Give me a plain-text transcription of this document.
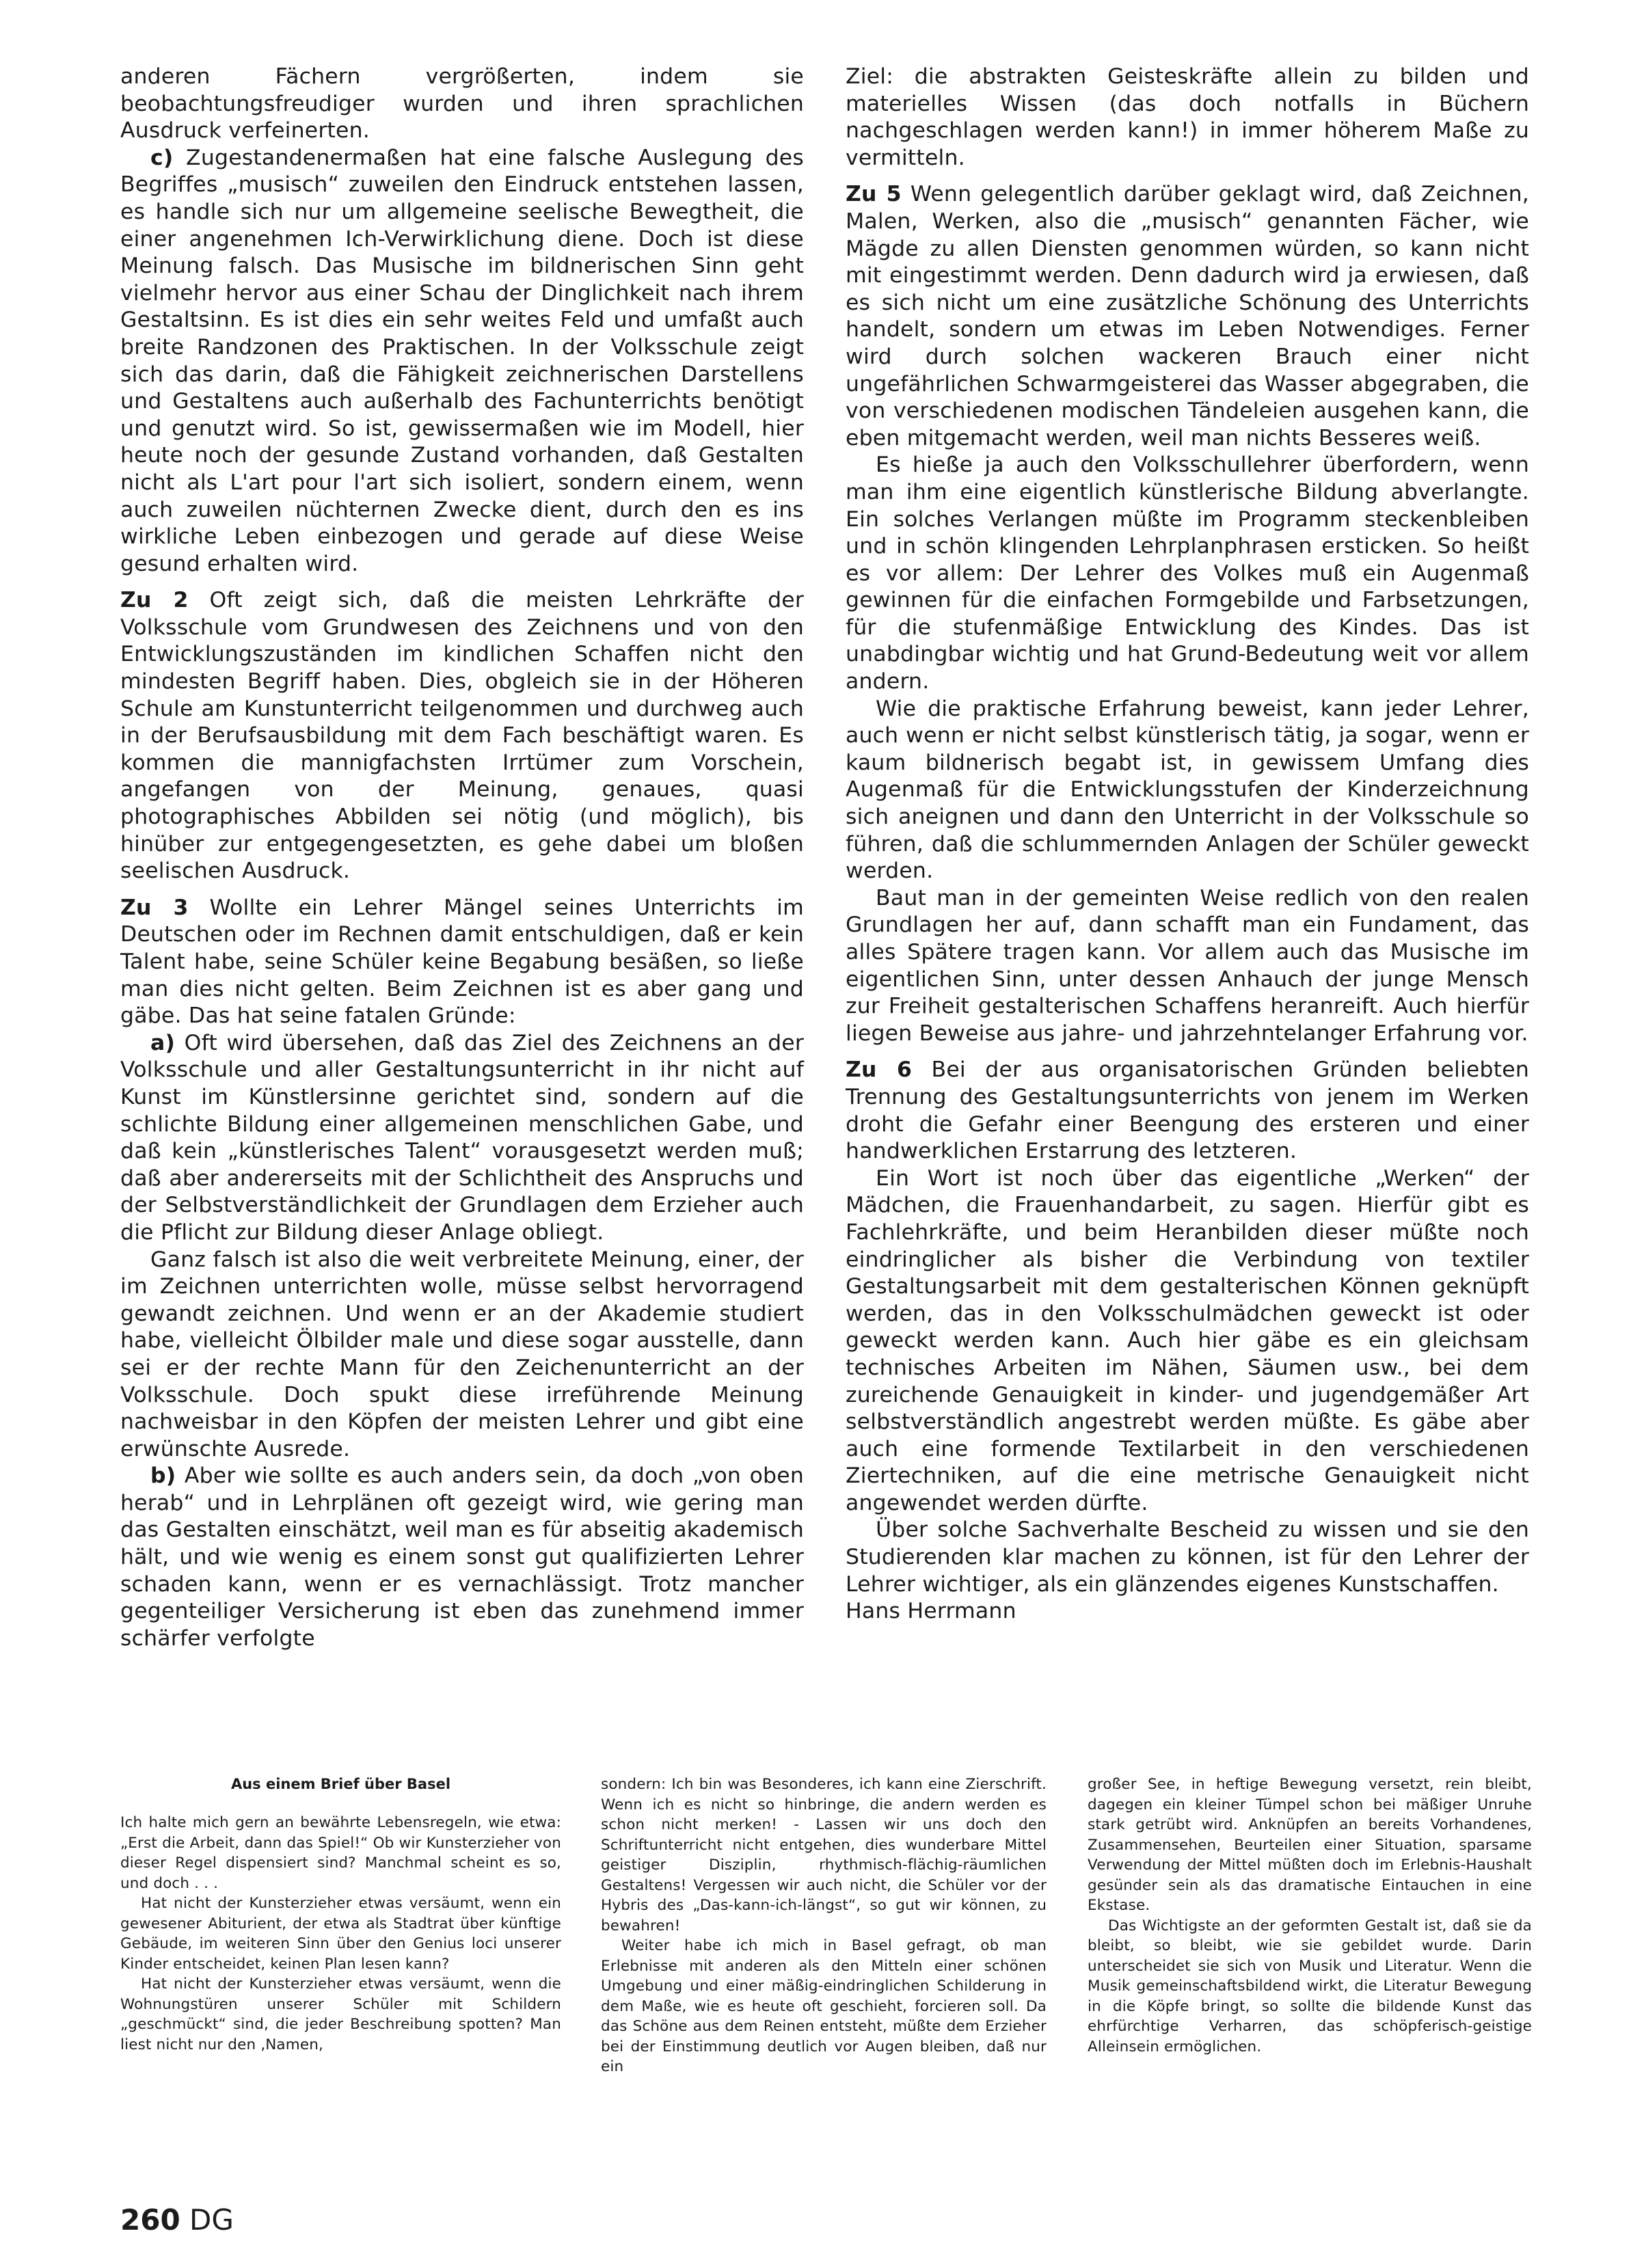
anderen Fächern vergrößerten, indem sie beobachtungsfreudiger wurden und ihren sprachlichen Ausdruck verfeinerten.

c) Zugestandenermaßen hat eine falsche Auslegung des Begriffes „musisch“ zuweilen den Eindruck entstehen lassen, es handle sich nur um allgemeine seelische Bewegtheit, die einer angenehmen Ich-Verwirklichung diene. Doch ist diese Meinung falsch. Das Musische im bildnerischen Sinn geht vielmehr hervor aus einer Schau der Dinglichkeit nach ihrem Gestaltsinn. Es ist dies ein sehr weites Feld und umfaßt auch breite Randzonen des Praktischen. In der Volksschule zeigt sich das darin, daß die Fähigkeit zeichnerischen Darstellens und Gestaltens auch außerhalb des Fachunterrichts benötigt und genutzt wird. So ist, gewissermaßen wie im Modell, hier heute noch der gesunde Zustand vorhanden, daß Gestalten nicht als L'art pour l'art sich isoliert, sondern einem, wenn auch zuweilen nüchternen Zwecke dient, durch den es ins wirkliche Leben einbezogen und gerade auf diese Weise gesund erhalten wird.

Zu 2 Oft zeigt sich, daß die meisten Lehrkräfte der Volksschule vom Grundwesen des Zeichnens und von den Entwicklungszuständen im kindlichen Schaffen nicht den mindesten Begriff haben. Dies, obgleich sie in der Höheren Schule am Kunstunterricht teilgenommen und durchweg auch in der Berufsausbildung mit dem Fach beschäftigt waren. Es kommen die mannigfachsten Irrtümer zum Vorschein, angefangen von der Meinung, genaues, quasi photographisches Abbilden sei nötig (und möglich), bis hinüber zur entgegengesetzten, es gehe dabei um bloßen seelischen Ausdruck.

Zu 3 Wollte ein Lehrer Mängel seines Unterrichts im Deutschen oder im Rechnen damit entschuldigen, daß er kein Talent habe, seine Schüler keine Begabung besäßen, so ließe man dies nicht gelten. Beim Zeichnen ist es aber gang und gäbe. Das hat seine fatalen Gründe:

a) Oft wird übersehen, daß das Ziel des Zeichnens an der Volksschule und aller Gestaltungsunterricht in ihr nicht auf Kunst im Künstlersinne gerichtet sind, sondern auf die schlichte Bildung einer allgemeinen menschlichen Gabe, und daß kein „künstlerisches Talent“ vorausgesetzt werden muß; daß aber andererseits mit der Schlichtheit des Anspruchs und der Selbstverständlichkeit der Grundlagen dem Erzieher auch die Pflicht zur Bildung dieser Anlage obliegt.

Ganz falsch ist also die weit verbreitete Meinung, einer, der im Zeichnen unterrichten wolle, müsse selbst hervorragend gewandt zeichnen. Und wenn er an der Akademie studiert habe, vielleicht Ölbilder male und diese sogar ausstelle, dann sei er der rechte Mann für den Zeichenunterricht an der Volksschule. Doch spukt diese irreführende Meinung nachweisbar in den Köpfen der meisten Lehrer und gibt eine erwünschte Ausrede.

b) Aber wie sollte es auch anders sein, da doch „von oben herab“ und in Lehrplänen oft gezeigt wird, wie gering man das Gestalten einschätzt, weil man es für abseitig akademisch hält, und wie wenig es einem sonst gut qualifizierten Lehrer schaden kann, wenn er es vernachlässigt. Trotz mancher gegenteiliger Versicherung ist eben das zunehmend immer schärfer verfolgte

Ziel: die abstrakten Geisteskräfte allein zu bilden und materielles Wissen (das doch notfalls in Büchern nachgeschlagen werden kann!) in immer höherem Maße zu vermitteln.

Zu 5 Wenn gelegentlich darüber geklagt wird, daß Zeichnen, Malen, Werken, also die „musisch“ genannten Fächer, wie Mägde zu allen Diensten genommen würden, so kann nicht mit eingestimmt werden. Denn dadurch wird ja erwiesen, daß es sich nicht um eine zusätzliche Schönung des Unterrichts handelt, sondern um etwas im Leben Notwendiges. Ferner wird durch solchen wackeren Brauch einer nicht ungefährlichen Schwarmgeisterei das Wasser abgegraben, die von verschiedenen modischen Tändeleien ausgehen kann, die eben mitgemacht werden, weil man nichts Besseres weiß.

Es hieße ja auch den Volksschullehrer überfordern, wenn man ihm eine eigentlich künstlerische Bildung abverlangte. Ein solches Verlangen müßte im Programm steckenbleiben und in schön klingenden Lehrplanphrasen ersticken. So heißt es vor allem: Der Lehrer des Volkes muß ein Augenmaß gewinnen für die einfachen Formgebilde und Farbsetzungen, für die stufenmäßige Entwicklung des Kindes. Das ist unabdingbar wichtig und hat Grund-Bedeutung weit vor allem andern.

Wie die praktische Erfahrung beweist, kann jeder Lehrer, auch wenn er nicht selbst künstlerisch tätig, ja sogar, wenn er kaum bildnerisch begabt ist, in gewissem Umfang dies Augenmaß für die Entwicklungsstufen der Kinderzeichnung sich aneignen und dann den Unterricht in der Volksschule so führen, daß die schlummernden Anlagen der Schüler geweckt werden.

Baut man in der gemeinten Weise redlich von den realen Grundlagen her auf, dann schafft man ein Fundament, das alles Spätere tragen kann. Vor allem auch das Musische im eigentlichen Sinn, unter dessen Anhauch der junge Mensch zur Freiheit gestalterischen Schaffens heranreift. Auch hierfür liegen Beweise aus jahre- und jahrzehntelanger Erfahrung vor.

Zu 6 Bei der aus organisatorischen Gründen beliebten Trennung des Gestaltungsunterrichts von jenem im Werken droht die Gefahr einer Beengung des ersteren und einer handwerklichen Erstarrung des letzteren.

Ein Wort ist noch über das eigentliche „Werken“ der Mädchen, die Frauenhandarbeit, zu sagen. Hierfür gibt es Fachlehrkräfte, und beim Heranbilden dieser müßte noch eindringlicher als bisher die Verbindung von textiler Gestaltungsarbeit mit dem gestalterischen Können geknüpft werden, das in den Volksschulmädchen geweckt ist oder geweckt werden kann. Auch hier gäbe es ein gleichsam technisches Arbeiten im Nähen, Säumen usw., bei dem zureichende Genauigkeit in kinder- und jugendgemäßer Art selbstverständlich angestrebt werden müßte. Es gäbe aber auch eine formende Textilarbeit in den verschiedenen Ziertechniken, auf die eine metrische Genauigkeit nicht angewendet werden dürfte.

Über solche Sachverhalte Bescheid zu wissen und sie den Studierenden klar machen zu können, ist für den Lehrer der Lehrer wichtiger, als ein glänzendes eigenes Kunstschaffen.

Hans Herrmann

Aus einem Brief über Basel

Ich halte mich gern an bewährte Lebensregeln, wie etwa: „Erst die Arbeit, dann das Spiel!“ Ob wir Kunsterzieher von dieser Regel dispensiert sind? Manchmal scheint es so, und doch . . .

Hat nicht der Kunsterzieher etwas versäumt, wenn ein gewesener Abiturient, der etwa als Stadtrat über künftige Gebäude, im weiteren Sinn über den Genius loci unserer Kinder entscheidet, keinen Plan lesen kann?

Hat nicht der Kunsterzieher etwas versäumt, wenn die Wohnungstüren unserer Schüler mit Schildern „geschmückt“ sind, die jeder Beschreibung spotten? Man liest nicht nur den ‚Namen,

sondern: Ich bin was Besonderes, ich kann eine Zierschrift. Wenn ich es nicht so hinbringe, die andern werden es schon nicht merken! - Lassen wir uns doch den Schriftunterricht nicht entgehen, dies wunderbare Mittel geistiger Disziplin, rhythmisch-flächig-räumlichen Gestaltens! Vergessen wir auch nicht, die Schüler vor der Hybris des „Das-kann-ich-längst“, so gut wir können, zu bewahren!

Weiter habe ich mich in Basel gefragt, ob man Erlebnisse mit anderen als den Mitteln einer schönen Umgebung und einer mäßig-eindringlichen Schilderung in dem Maße, wie es heute oft geschieht, forcieren soll. Da das Schöne aus dem Reinen entsteht, müßte dem Erzieher bei der Einstimmung deutlich vor Augen bleiben, daß nur ein

großer See, in heftige Bewegung versetzt, rein bleibt, dagegen ein kleiner Tümpel schon bei mäßiger Unruhe stark getrübt wird. Anknüpfen an bereits Vorhandenes, Zusammensehen, Beurteilen einer Situation, sparsame Verwendung der Mittel müßten doch im Erlebnis-Haushalt gesünder sein als das dramatische Eintauchen in eine Ekstase.

Das Wichtigste an der geformten Gestalt ist, daß sie da bleibt, so bleibt, wie sie gebildet wurde. Darin unterscheidet sie sich von Musik und Literatur. Wenn die Musik gemeinschaftsbildend wirkt, die Literatur Bewegung in die Köpfe bringt, so sollte die bildende Kunst das ehrfürchtige Verharren, das schöpferisch-geistige Alleinsein ermöglichen.

260 DG
